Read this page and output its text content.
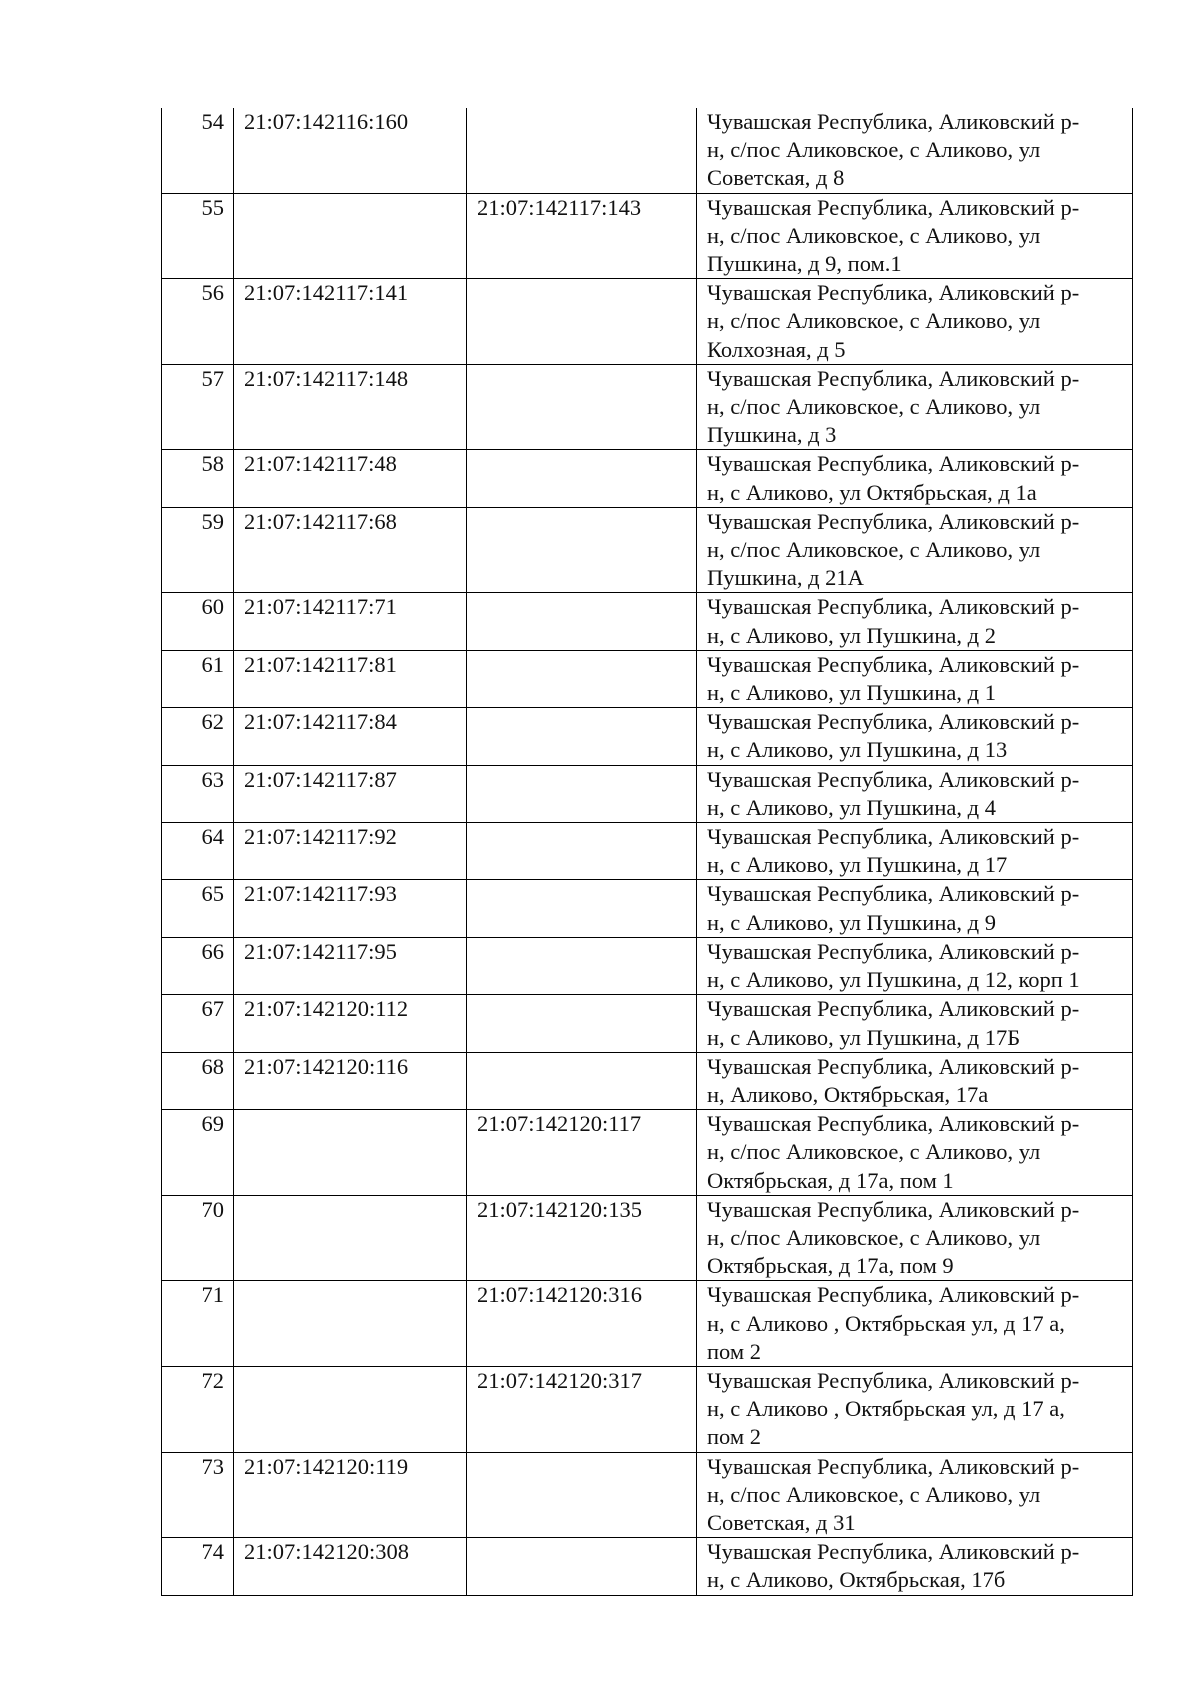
54	21:07:142116:160		Чувашская Республика, Аликовский р-
н, с/пос Аликовское, с Аликово, ул
Советская, д 8
55		21:07:142117:143	Чувашская Республика, Аликовский р-
н, с/пос Аликовское, с Аликово, ул
Пушкина, д 9, пом.1
56	21:07:142117:141		Чувашская Республика, Аликовский р-
н, с/пос Аликовское, с Аликово, ул
Колхозная, д 5
57	21:07:142117:148		Чувашская Республика, Аликовский р-
н, с/пос Аликовское, с Аликово, ул
Пушкина, д 3
58	21:07:142117:48		Чувашская Республика, Аликовский р-
н, с Аликово, ул Октябрьская, д 1а
59	21:07:142117:68		Чувашская Республика, Аликовский р-
н, с/пос Аликовское, с Аликово, ул
Пушкина, д 21А
60	21:07:142117:71		Чувашская Республика, Аликовский р-
н, с Аликово, ул Пушкина, д 2
61	21:07:142117:81		Чувашская Республика, Аликовский р-
н, с Аликово, ул Пушкина, д 1
62	21:07:142117:84		Чувашская Республика, Аликовский р-
н, с Аликово, ул Пушкина, д 13
63	21:07:142117:87		Чувашская Республика, Аликовский р-
н, с Аликово, ул Пушкина, д 4
64	21:07:142117:92		Чувашская Республика, Аликовский р-
н, с Аликово, ул Пушкина, д 17
65	21:07:142117:93		Чувашская Республика, Аликовский р-
н, с Аликово, ул Пушкина, д 9
66	21:07:142117:95		Чувашская Республика, Аликовский р-
н, с Аликово, ул Пушкина, д 12, корп 1
67	21:07:142120:112		Чувашская Республика, Аликовский р-
н, с Аликово, ул Пушкина, д 17Б
68	21:07:142120:116		Чувашская Республика, Аликовский р-
н, Аликово, Октябрьская, 17а
69		21:07:142120:117	Чувашская Республика, Аликовский р-
н, с/пос Аликовское, с Аликово, ул
Октябрьская, д 17а, пом 1
70		21:07:142120:135	Чувашская Республика, Аликовский р-
н, с/пос Аликовское, с Аликово, ул
Октябрьская, д 17а, пом 9
71		21:07:142120:316	Чувашская Республика, Аликовский р-
н, с Аликово , Октябрьская ул, д 17 а,
пом 2
72		21:07:142120:317	Чувашская Республика, Аликовский р-
н, с Аликово , Октябрьская ул, д 17 а,
пом 2
73	21:07:142120:119		Чувашская Республика, Аликовский р-
н, с/пос Аликовское, с Аликово, ул
Советская, д 31
74	21:07:142120:308		Чувашская Республика, Аликовский р-
н, с Аликово, Октябрьская, 17б
